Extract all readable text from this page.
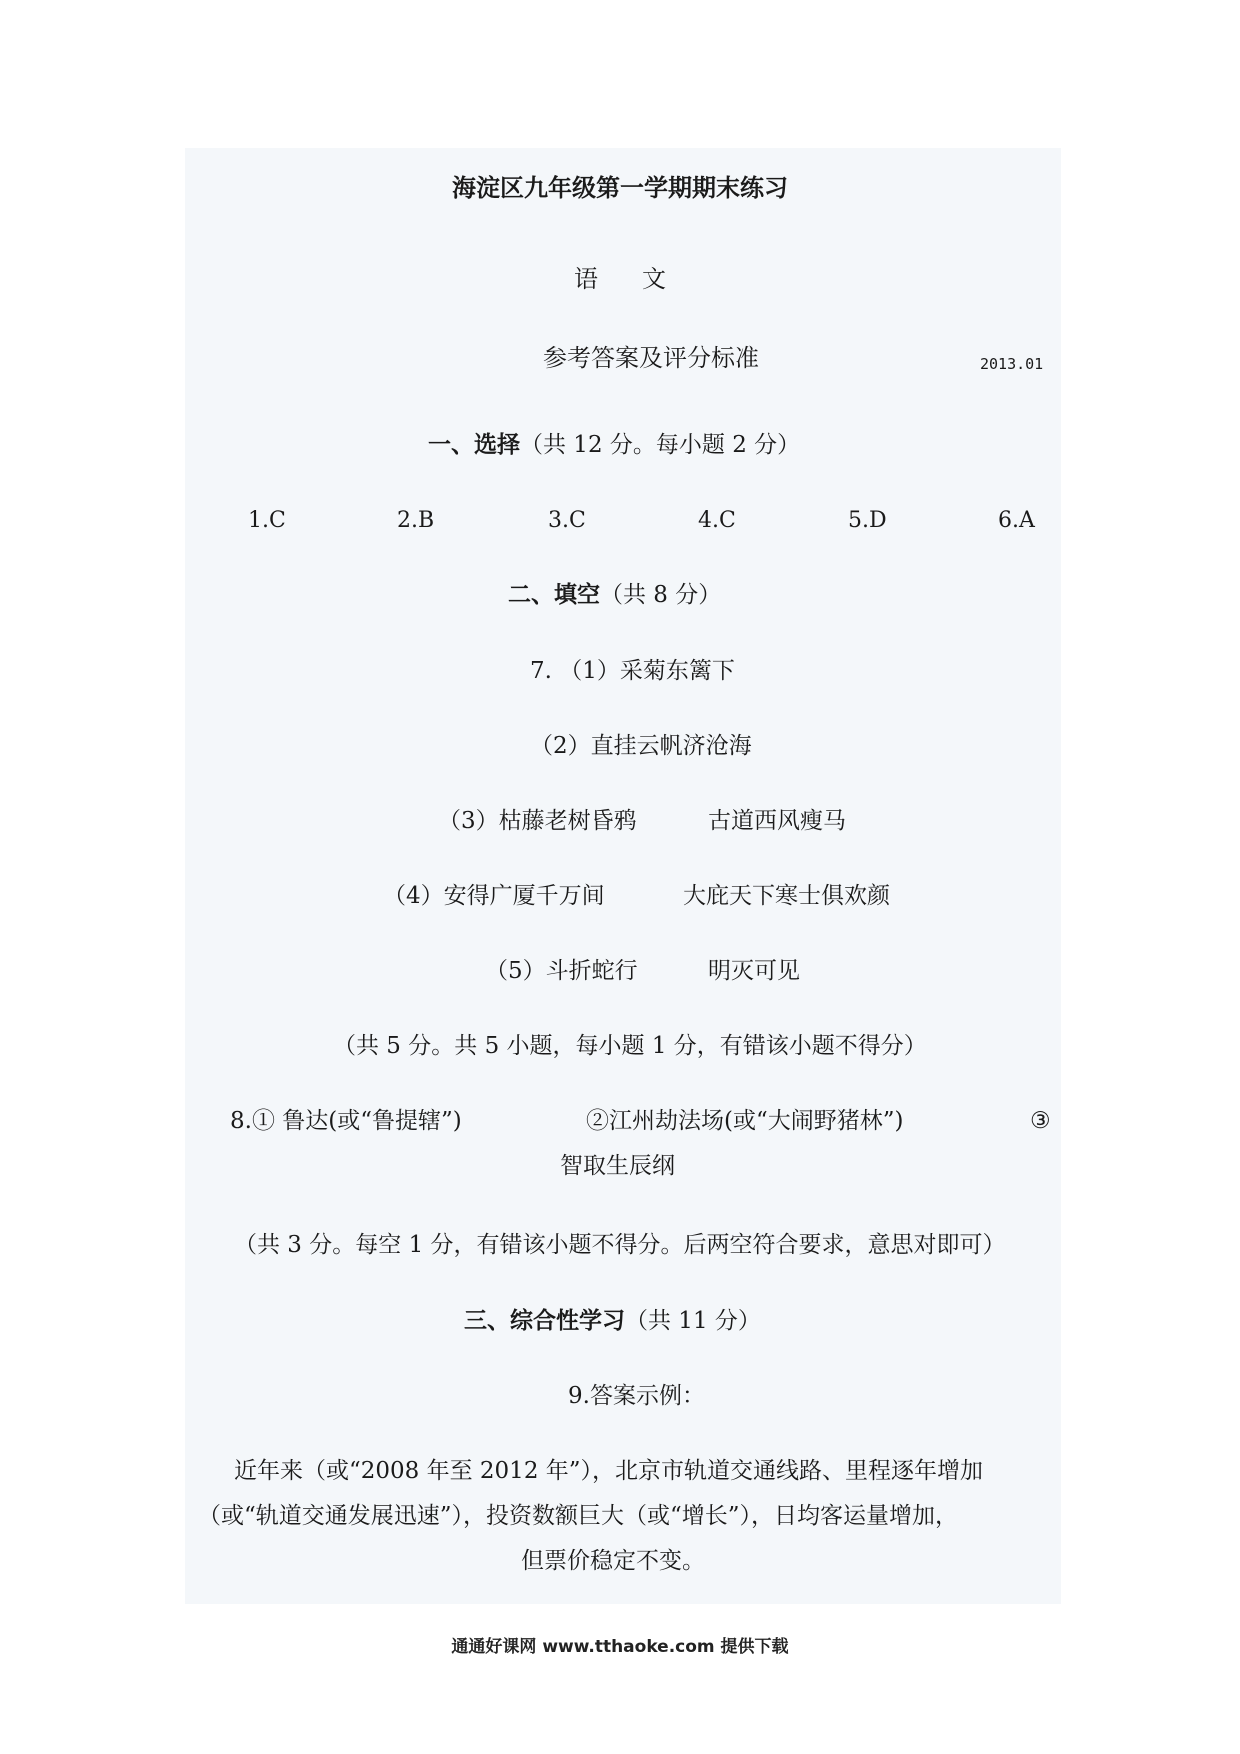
海淀区九年级第一学期期末练习
语 文
参考答案及评分标准	2013.01
一、选择（共 12 分。每小题 2 分）
1.C	2.B	3.C	4.C	5.D	6.A
二、填空（共 8 分）
7. （1）采菊东篱下
（2）直挂云帆济沧海
（3）枯藤老树昏鸦	古道西风瘦马
（4）安得广厦千万间	大庇天下寒士俱欢颜
（5）斗折蛇行	明灭可见
（共 5 分。共 5 小题，每小题 1 分，有错该小题不得分）
8.① 鲁达(或“鲁提辖”)	②江州劫法场(或“大闹野猪林”)	③
智取生辰纲
（共 3 分。每空 1 分，有错该小题不得分。后两空符合要求，意思对即可）
三、综合性学习（共 11 分）
9.答案示例：
近年来（或“2008 年至 2012 年”），北京市轨道交通线路、里程逐年增加
（或“轨道交通发展迅速”），投资数额巨大（或“增长”），日均客运量增加，
但票价稳定不变。
通通好课网 www.tthaoke.com 提供下载
